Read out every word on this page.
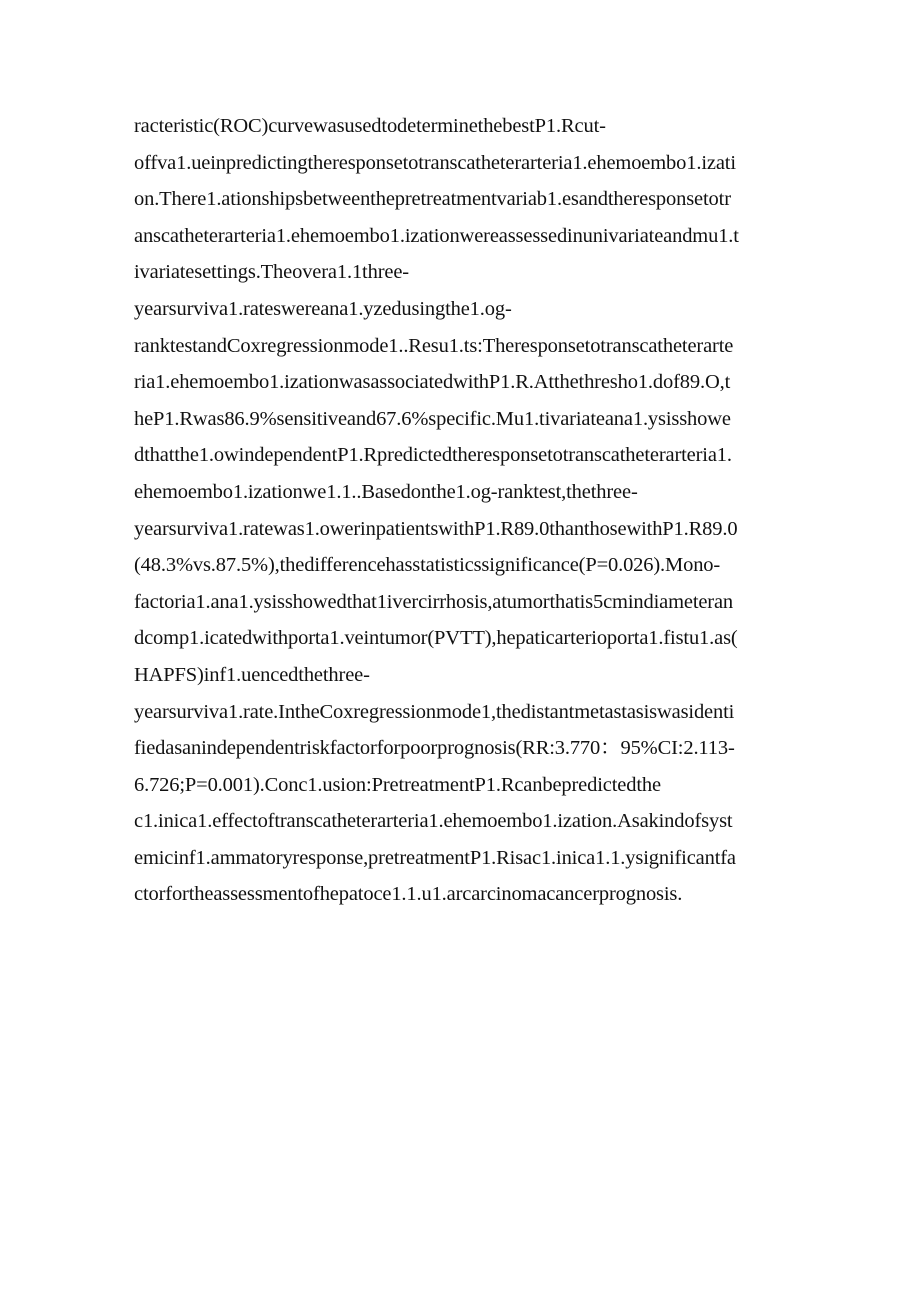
racteristic(ROC)curvewasusedtodeterminethebestP1.Rcut-
offva1.ueinpredictingtheresponsetotranscatheterarteria1.ehemoembo1.izati
on.There1.ationshipsbetweenthepretreatmentvariab1.esandtheresponsetotr
anscatheterarteria1.ehemoembo1.izationwereassessedinunivariateandmu1.t
ivariatesettings.Theovera1.1three-
yearsurviva1.rateswereana1.yzedusingthe1.og-
ranktestandCoxregressionmode1..Resu1.ts:Theresponsetotranscatheterarte
ria1.ehemoembo1.izationwasassociatedwithP1.R.Atthethresho1.dof89.O,t
heP1.Rwas86.9%sensitiveand67.6%specific.Mu1.tivariateana1.ysisshowe
dthatthe1.owindependentP1.Rpredictedtheresponsetotranscatheterarteria1.
ehemoembo1.izationwe1.1..Basedonthe1.og-ranktest,thethree-
yearsurviva1.ratewas1.owerinpatientswithP1.R89.0thanthosewithP1.R89.0
(48.3%vs.87.5%),thedifferencehasstatisticssignificance(P=0.026).Mono-
factoria1.ana1.ysisshowedthat1ivercirrhosis,atumorthatis5cmindiameteran
dcomp1.icatedwithporta1.veintumor(PVTT),hepaticarterioporta1.fistu1.as(
HAPFS)inf1.uencedthethree-
yearsurviva1.rate.IntheCoxregressionmode1,thedistantmetastasiswasidenti
fiedasanindependentriskfactorforpoorprognosis(RR:3.770：95%CI:2.113-
6.726;P=0.001).Conc1.usion:PretreatmentP1.Rcanbepredictedthe
c1.inica1.effectoftranscatheterarteria1.ehemoembo1.ization.Asakindofsyst
emicinf1.ammatoryresponse,pretreatmentP1.Risac1.inica1.1.ysignificantfa
ctorfortheassessmentofhepatoce1.1.u1.arcarcinomacancerprognosis.
